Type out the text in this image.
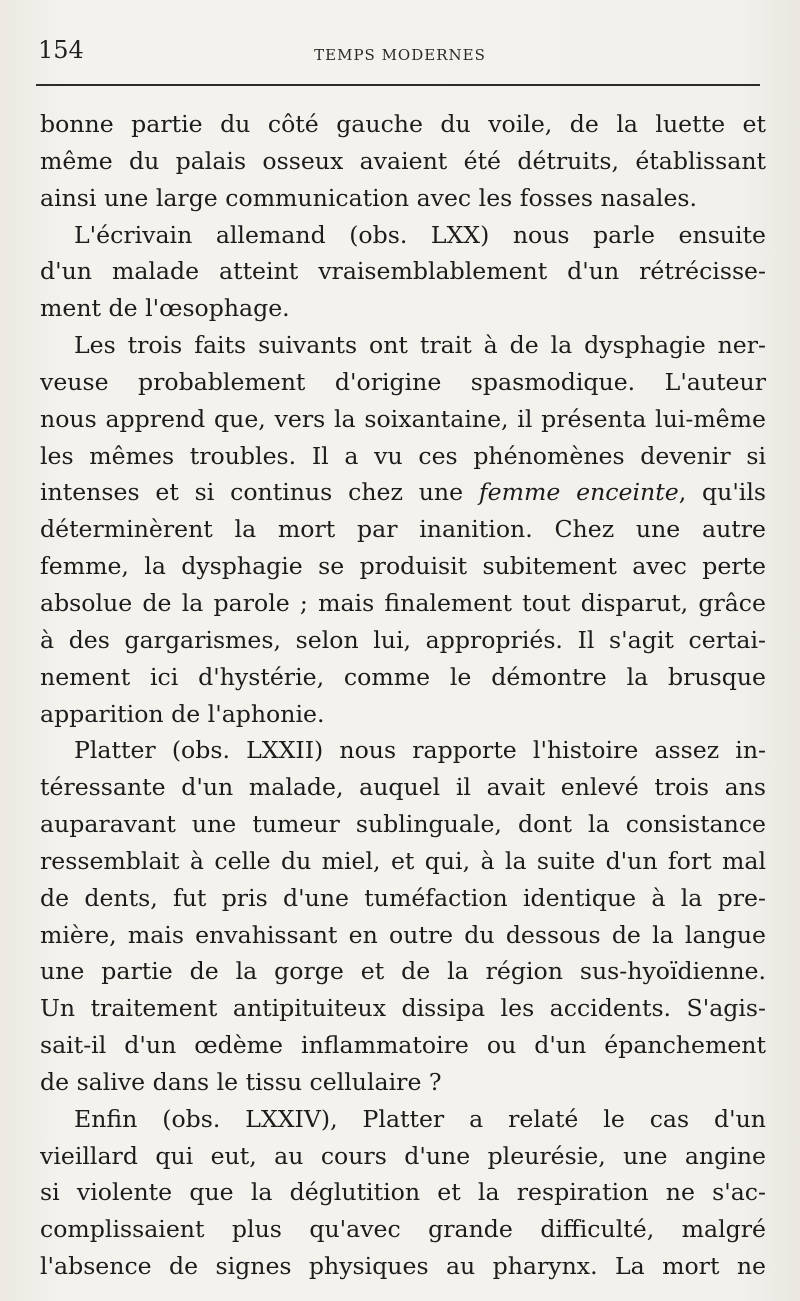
154	TEMPS MODERNES
bonne partie du côté gauche du voile, de la luette et
même du palais osseux avaient été détruits, établissant
ainsi une large communication avec les fosses nasales.
L'écrivain allemand (obs. LXX) nous parle ensuite
d'un malade atteint vraisemblablement d'un rétrécisse-
ment de l'œsophage.
Les trois faits suivants ont trait à de la dysphagie ner-
veuse probablement d'origine spasmodique. L'auteur
nous apprend que, vers la soixantaine, il présenta lui-même
les mêmes troubles. Il a vu ces phénomènes devenir si
intenses et si continus chez une femme enceinte, qu'ils
déterminèrent la mort par inanition. Chez une autre
femme, la dysphagie se produisit subitement avec perte
absolue de la parole ; mais finalement tout disparut, grâce
à des gargarismes, selon lui, appropriés. Il s'agit certai-
nement ici d'hystérie, comme le démontre la brusque
apparition de l'aphonie.
Platter (obs. LXXII) nous rapporte l'histoire assez in-
téressante d'un malade, auquel il avait enlevé trois ans
auparavant une tumeur sublinguale, dont la consistance
ressemblait à celle du miel, et qui, à la suite d'un fort mal
de dents, fut pris d'une tuméfaction identique à la pre-
mière, mais envahissant en outre du dessous de la langue
une partie de la gorge et de la région sus-hyoïdienne.
Un traitement antipituiteux dissipa les accidents. S'agis-
sait-il d'un œdème inflammatoire ou d'un épanchement
de salive dans le tissu cellulaire ?
Enfin (obs. LXXIV), Platter a relaté le cas d'un
vieillard qui eut, au cours d'une pleurésie, une angine
si violente que la déglutition et la respiration ne s'ac-
complissaient plus qu'avec grande difficulté, malgré
l'absence de signes physiques au pharynx. La mort ne
